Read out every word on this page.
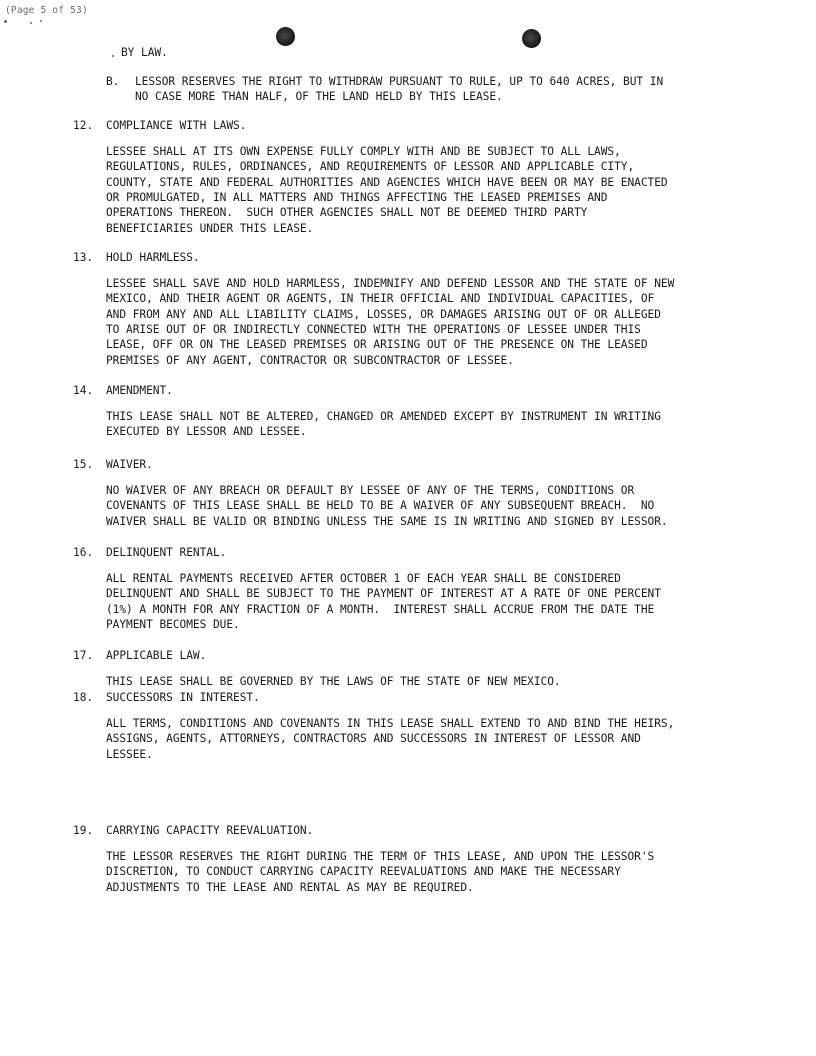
(Page 5 of 53)
BY LAW.
B. LESSOR RESERVES THE RIGHT TO WITHDRAW PURSUANT TO RULE, UP TO 640 ACRES, BUT IN
NO CASE MORE THAN HALF, OF THE LAND HELD BY THIS LEASE.
12. COMPLIANCE WITH LAWS.
LESSEE SHALL AT ITS OWN EXPENSE FULLY COMPLY WITH AND BE SUBJECT TO ALL LAWS,
REGULATIONS, RULES, ORDINANCES, AND REQUIREMENTS OF LESSOR AND APPLICABLE CITY,
COUNTY, STATE AND FEDERAL AUTHORITIES AND AGENCIES WHICH HAVE BEEN OR MAY BE ENACTED
OR PROMULGATED, IN ALL MATTERS AND THINGS AFFECTING THE LEASED PREMISES AND
OPERATIONS THEREON.  SUCH OTHER AGENCIES SHALL NOT BE DEEMED THIRD PARTY
BENEFICIARIES UNDER THIS LEASE.
13. HOLD HARMLESS.
LESSEE SHALL SAVE AND HOLD HARMLESS, INDEMNIFY AND DEFEND LESSOR AND THE STATE OF NEW
MEXICO, AND THEIR AGENT OR AGENTS, IN THEIR OFFICIAL AND INDIVIDUAL CAPACITIES, OF
AND FROM ANY AND ALL LIABILITY CLAIMS, LOSSES, OR DAMAGES ARISING OUT OF OR ALLEGED
TO ARISE OUT OF OR INDIRECTLY CONNECTED WITH THE OPERATIONS OF LESSEE UNDER THIS
LEASE, OFF OR ON THE LEASED PREMISES OR ARISING OUT OF THE PRESENCE ON THE LEASED
PREMISES OF ANY AGENT, CONTRACTOR OR SUBCONTRACTOR OF LESSEE.
14. AMENDMENT.
THIS LEASE SHALL NOT BE ALTERED, CHANGED OR AMENDED EXCEPT BY INSTRUMENT IN WRITING
EXECUTED BY LESSOR AND LESSEE.
15. WAIVER.
NO WAIVER OF ANY BREACH OR DEFAULT BY LESSEE OF ANY OF THE TERMS, CONDITIONS OR
COVENANTS OF THIS LEASE SHALL BE HELD TO BE A WAIVER OF ANY SUBSEQUENT BREACH.  NO
WAIVER SHALL BE VALID OR BINDING UNLESS THE SAME IS IN WRITING AND SIGNED BY LESSOR.
16. DELINQUENT RENTAL.
ALL RENTAL PAYMENTS RECEIVED AFTER OCTOBER 1 OF EACH YEAR SHALL BE CONSIDERED
DELINQUENT AND SHALL BE SUBJECT TO THE PAYMENT OF INTEREST AT A RATE OF ONE PERCENT
(1%) A MONTH FOR ANY FRACTION OF A MONTH.  INTEREST SHALL ACCRUE FROM THE DATE THE
PAYMENT BECOMES DUE.
17. APPLICABLE LAW.
THIS LEASE SHALL BE GOVERNED BY THE LAWS OF THE STATE OF NEW MEXICO.
18. SUCCESSORS IN INTEREST.
ALL TERMS, CONDITIONS AND COVENANTS IN THIS LEASE SHALL EXTEND TO AND BIND THE HEIRS,
ASSIGNS, AGENTS, ATTORNEYS, CONTRACTORS AND SUCCESSORS IN INTEREST OF LESSOR AND
LESSEE.
19. CARRYING CAPACITY REEVALUATION.
THE LESSOR RESERVES THE RIGHT DURING THE TERM OF THIS LEASE, AND UPON THE LESSOR'S
DISCRETION, TO CONDUCT CARRYING CAPACITY REEVALUATIONS AND MAKE THE NECESSARY
ADJUSTMENTS TO THE LEASE AND RENTAL AS MAY BE REQUIRED.
